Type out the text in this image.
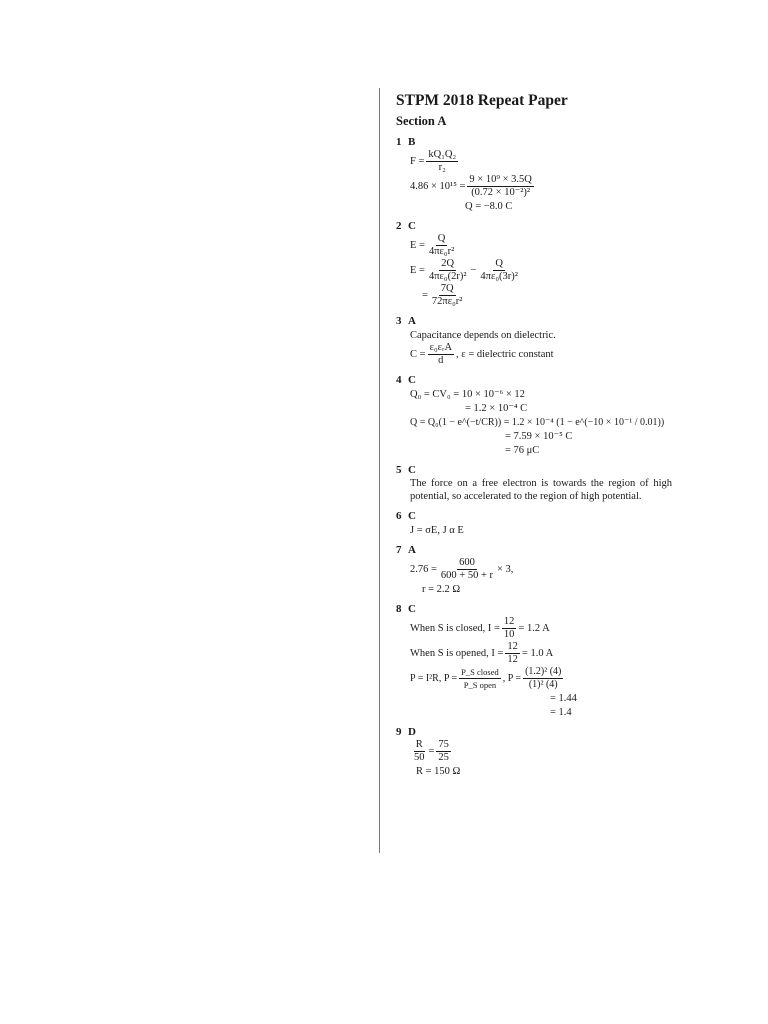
STPM 2018 Repeat Paper
Section A
1 B
$F = \frac{\text{kQ₁Q₂}}{\text{r₂}}$
$4.86 \times 10^{15} = \frac{\text{9 × 10⁹ × 3.5Q}}{\text{(0.72 × 10⁻²)²}}$
Q = −8.0 C
2 C
$E = \frac{Q}{\text{4πε₀r²}}$
$E = \frac{2Q}{\text{4πε₀(2r)²}} - \frac{Q}{\text{4πε₀(3r)²}}$
= $\frac{7Q}{\text{72πε₀r²}}$
3 A
Capacitance depends on dielectric.
$C = \frac{\text{ε₀εᵣA}}{d}$ , ε = dielectric constant
4 C
Q₀ = CV₀ = 10 × 10⁻⁶ × 12
= 1.2 × 10⁻⁴ C
Q = Q₀(1 − e^(−t/CR)) = 1.2 × 10⁻⁴ (1 − e^(−10 × 10⁻¹ / 0.01))
= 7.59 × 10⁻⁵ C
= 76 μC
5 C
The force on a free electron is towards the region of high potential, so accelerated to the region of high potential.
6 C
J = σE, J α E
7 A
$2.76 = \frac{600}{600 + 50 + r} \times 3$,
r = 2.2 Ω
8 C
When S is closed, $I = \frac{12}{10} = 1.2$ A
When S is opened, $I = \frac{12}{12} = 1.0$ A
P = I²R, $P = \frac{\text{P\_S closed}}{\text{P\_S open}}$ , $P = \frac{\text{(1.2)² (4)}}{\text{(1)² (4)}}$
= 1.44
= 1.4
9 D
$\frac{R}{50} = \frac{75}{25}$
R = 150 Ω
